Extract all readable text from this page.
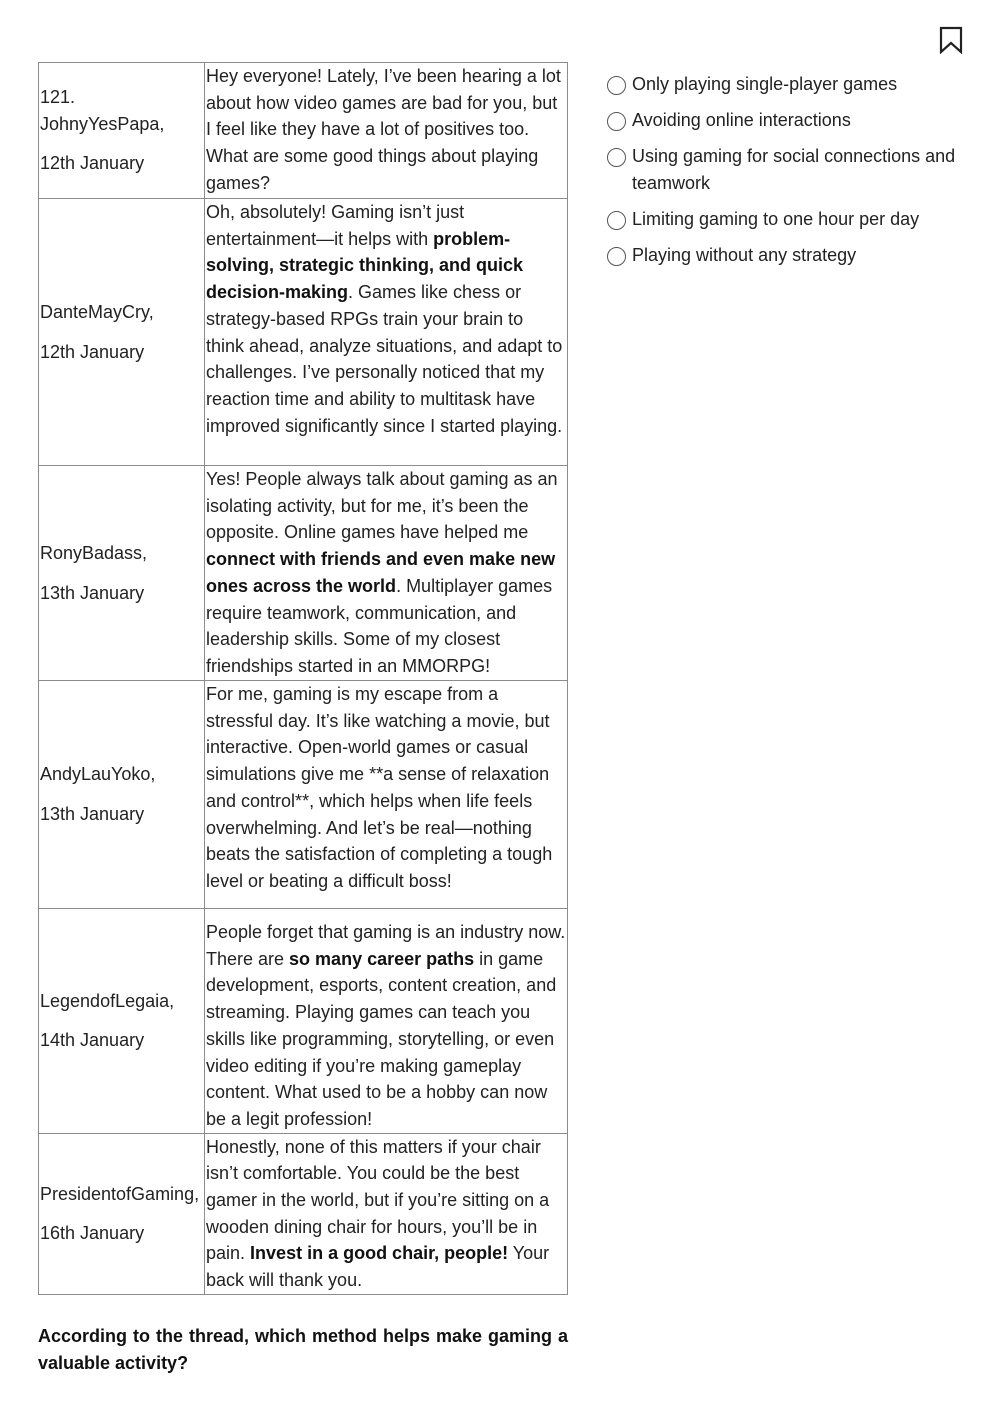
121. JohnyYesPapa,
12th January	Hey everyone! Lately, I’ve been hearing a lot about how video games are bad for you, but I feel like they have a lot of positives too. What are some good things about playing games?

DanteMayCry,
12th January	Oh, absolutely! Gaming isn’t just entertainment—it helps with problem-solving, strategic thinking, and quick decision-making. Games like chess or strategy-based RPGs train your brain to think ahead, analyze situations, and adapt to challenges. I’ve personally noticed that my reaction time and ability to multitask have improved significantly since I started playing.

RonyBadass,
13th January	Yes! People always talk about gaming as an isolating activity, but for me, it’s been the opposite. Online games have helped me connect with friends and even make new ones across the world. Multiplayer games require teamwork, communication, and leadership skills. Some of my closest friendships started in an MMORPG!

AndyLauYoko,
13th January	For me, gaming is my escape from a stressful day. It’s like watching a movie, but interactive. Open-world games or casual simulations give me **a sense of relaxation and control**, which helps when life feels overwhelming. And let’s be real—nothing beats the satisfaction of completing a tough level or beating a difficult boss!

LegendofLegaia,
14th January	People forget that gaming is an industry now. There are so many career paths in game development, esports, content creation, and streaming. Playing games can teach you skills like programming, storytelling, or even video editing if you’re making gameplay content. What used to be a hobby can now be a legit profession!

PresidentofGaming,
16th January	Honestly, none of this matters if your chair isn’t comfortable. You could be the best gamer in the world, but if you’re sitting on a wooden dining chair for hours, you’ll be in pain. Invest in a good chair, people! Your back will thank you.
According to the thread, which method helps make gaming a valuable activity?
Only playing single-player games
Avoiding online interactions
Using gaming for social connections and teamwork
Limiting gaming to one hour per day
Playing without any strategy
